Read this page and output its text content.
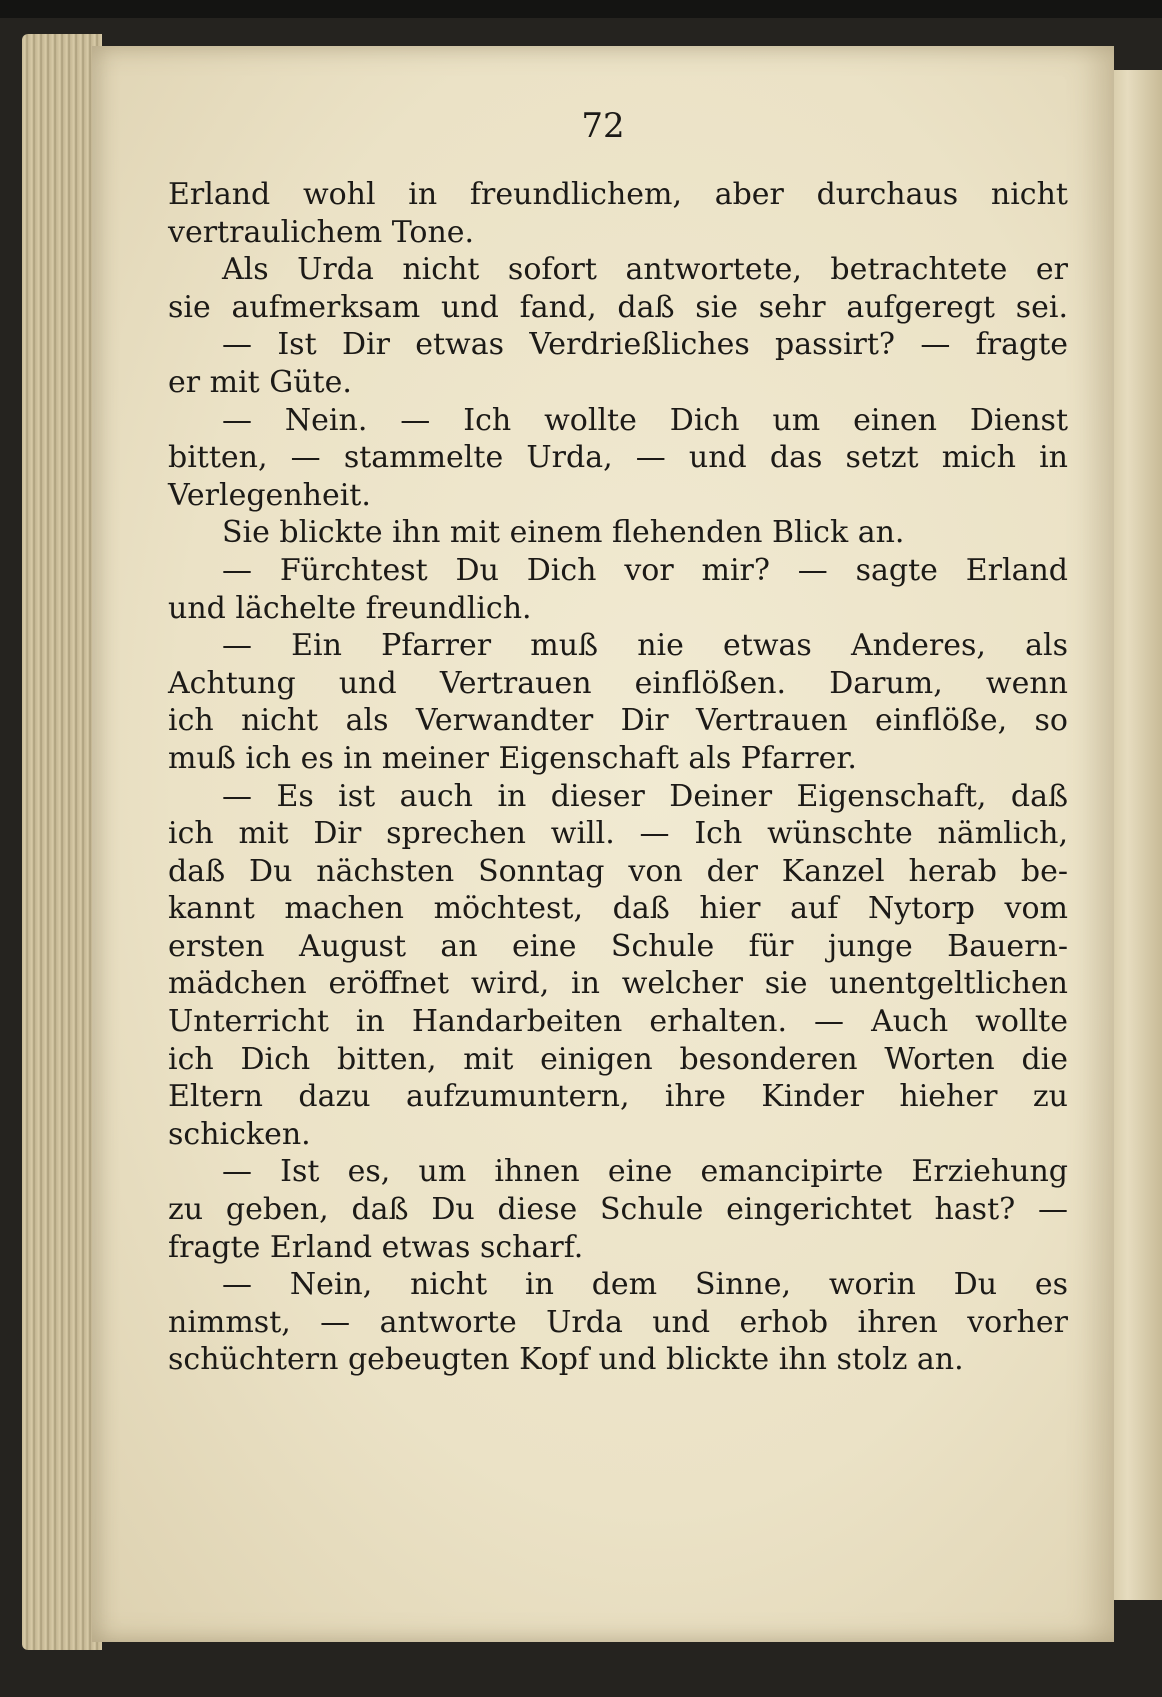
72
Erland wohl in freundlichem, aber durchaus nicht
vertraulichem Tone.
Als Urda nicht sofort antwortete, betrachtete er
sie aufmerksam und fand, daß sie sehr aufgeregt sei.
— Ist Dir etwas Verdrießliches passirt? — fragte
er mit Güte.
— Nein. — Ich wollte Dich um einen Dienst
bitten, — stammelte Urda, — und das setzt mich in
Verlegenheit.
Sie blickte ihn mit einem flehenden Blick an.
— Fürchtest Du Dich vor mir? — sagte Erland
und lächelte freundlich.
— Ein Pfarrer muß nie etwas Anderes, als
Achtung und Vertrauen einflößen. Darum, wenn
ich nicht als Verwandter Dir Vertrauen einflöße, so
muß ich es in meiner Eigenschaft als Pfarrer.
— Es ist auch in dieser Deiner Eigenschaft, daß
ich mit Dir sprechen will. — Ich wünschte nämlich,
daß Du nächsten Sonntag von der Kanzel herab be-
kannt machen möchtest, daß hier auf Nytorp vom
ersten August an eine Schule für junge Bauern-
mädchen eröffnet wird, in welcher sie unentgeltlichen
Unterricht in Handarbeiten erhalten. — Auch wollte
ich Dich bitten, mit einigen besonderen Worten die
Eltern dazu aufzumuntern, ihre Kinder hieher zu
schicken.
— Ist es, um ihnen eine emancipirte Erziehung
zu geben, daß Du diese Schule eingerichtet hast? —
fragte Erland etwas scharf.
— Nein, nicht in dem Sinne, worin Du es
nimmst, — antworte Urda und erhob ihren vorher
schüchtern gebeugten Kopf und blickte ihn stolz an.
